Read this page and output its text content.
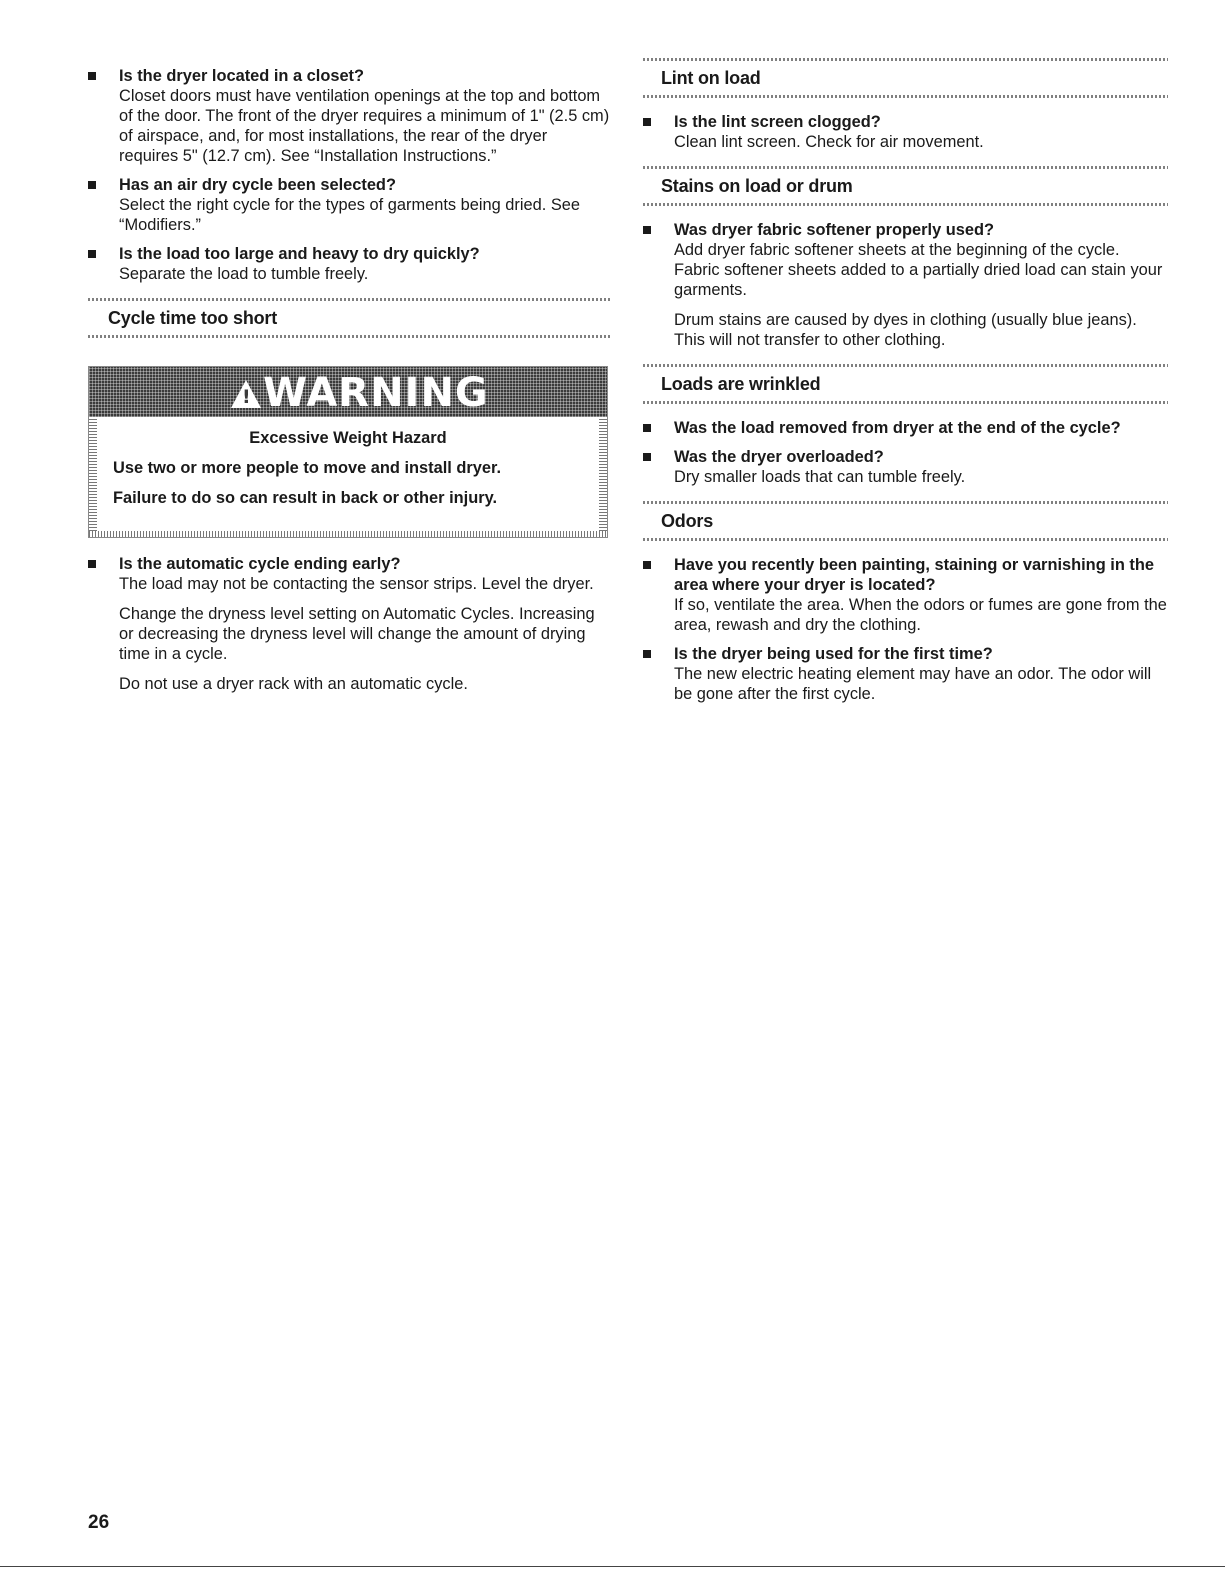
Is the dryer located in a closet?

Closet doors must have ventilation openings at the top and bottom of the door. The front of the dryer requires a minimum of 1" (2.5 cm) of airspace, and, for most installations, the rear of the dryer requires 5" (12.7 cm). See “Installation Instructions.”

Has an air dry cycle been selected?

Select the right cycle for the types of garments being dried. See “Modifiers.”

Is the load too large and heavy to dry quickly?

Separate the load to tumble freely.

Cycle time too short
!WARNING
Excessive Weight Hazard
Use two or more people to move and install dryer.
Failure to do so can result in back or other injury.
Is the automatic cycle ending early?

The load may not be contacting the sensor strips. Level the dryer.

Change the dryness level setting on Automatic Cycles. Increasing or decreasing the dryness level will change the amount of drying time in a cycle.

Do not use a dryer rack with an automatic cycle.

Lint on load
Is the lint screen clogged?

Clean lint screen. Check for air movement.

Stains on load or drum
Was dryer fabric softener properly used?

Add dryer fabric softener sheets at the beginning of the cycle. Fabric softener sheets added to a partially dried load can stain your garments.

Drum stains are caused by dyes in clothing (usually blue jeans). This will not transfer to other clothing.

Loads are wrinkled
Was the load removed from dryer at the end of the cycle?
Was the dryer overloaded?

Dry smaller loads that can tumble freely.

Odors
Have you recently been painting, staining or varnishing in the area where your dryer is located?

If so, ventilate the area. When the odors or fumes are gone from the area, rewash and dry the clothing.

Is the dryer being used for the first time?

The new electric heating element may have an odor. The odor will be gone after the first cycle.

26
